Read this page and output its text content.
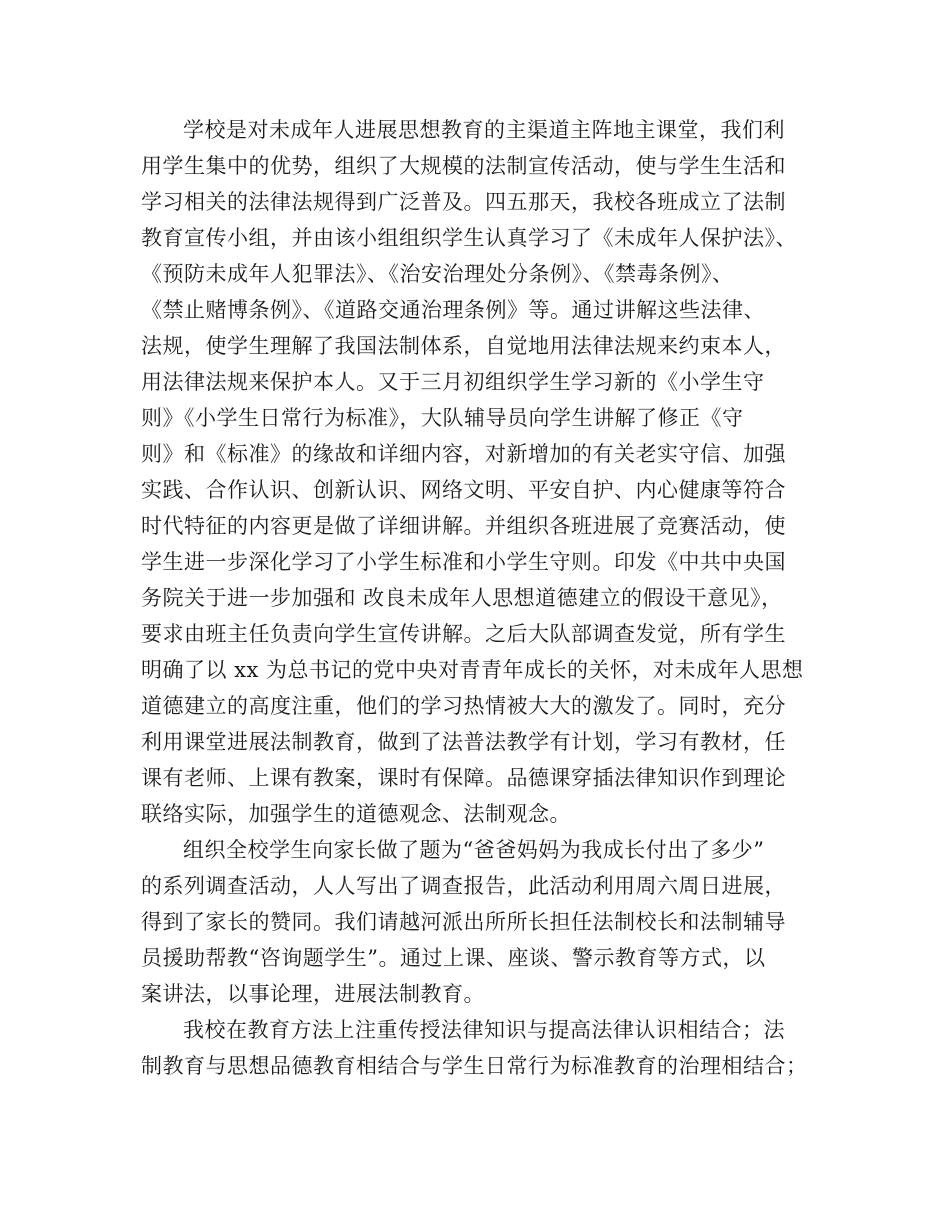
学校是对未成年人进展思想教育的主渠道主阵地主课堂，我们利
用学生集中的优势，组织了大规模的法制宣传活动，使与学生生活和
学习相关的法律法规得到广泛普及。四五那天，我校各班成立了法制
教育宣传小组，并由该小组组织学生认真学习了《未成年人保护法》、
《预防未成年人犯罪法》、《治安治理处分条例》、《禁毒条例》、
《禁止赌博条例》、《道路交通治理条例》等。通过讲解这些法律、
法规，使学生理解了我国法制体系，自觉地用法律法规来约束本人，
用法律法规来保护本人。又于三月初组织学生学习新的《小学生守
则》《小学生日常行为标准》，大队辅导员向学生讲解了修正《守
则》和《标准》的缘故和详细内容，对新增加的有关老实守信、加强
实践、合作认识、创新认识、网络文明、平安自护、内心健康等符合
时代特征的内容更是做了详细讲解。并组织各班进展了竞赛活动，使
学生进一步深化学习了小学生标准和小学生守则。印发《中共中央国
务院关于进一步加强和 改良未成年人思想道德建立的假设干意见》，
要求由班主任负责向学生宣传讲解。之后大队部调查发觉，所有学生
明确了以 xx 为总书记的党中央对青青年成长的关怀，对未成年人思想
道德建立的高度注重，他们的学习热情被大大的激发了。同时，充分
利用课堂进展法制教育，做到了法普法教学有计划，学习有教材，任
课有老师、上课有教案，课时有保障。品德课穿插法律知识作到理论
联络实际，加强学生的道德观念、法制观念。
组织全校学生向家长做了题为“爸爸妈妈为我成长付出了多少”
的系列调查活动，人人写出了调查报告，此活动利用周六周日进展，
得到了家长的赞同。我们请越河派出所所长担任法制校长和法制辅导
员援助帮教“咨询题学生”。通过上课、座谈、警示教育等方式，以
案讲法，以事论理，进展法制教育。
我校在教育方法上注重传授法律知识与提高法律认识相结合；法
制教育与思想品德教育相结合与学生日常行为标准教育的治理相结合；
